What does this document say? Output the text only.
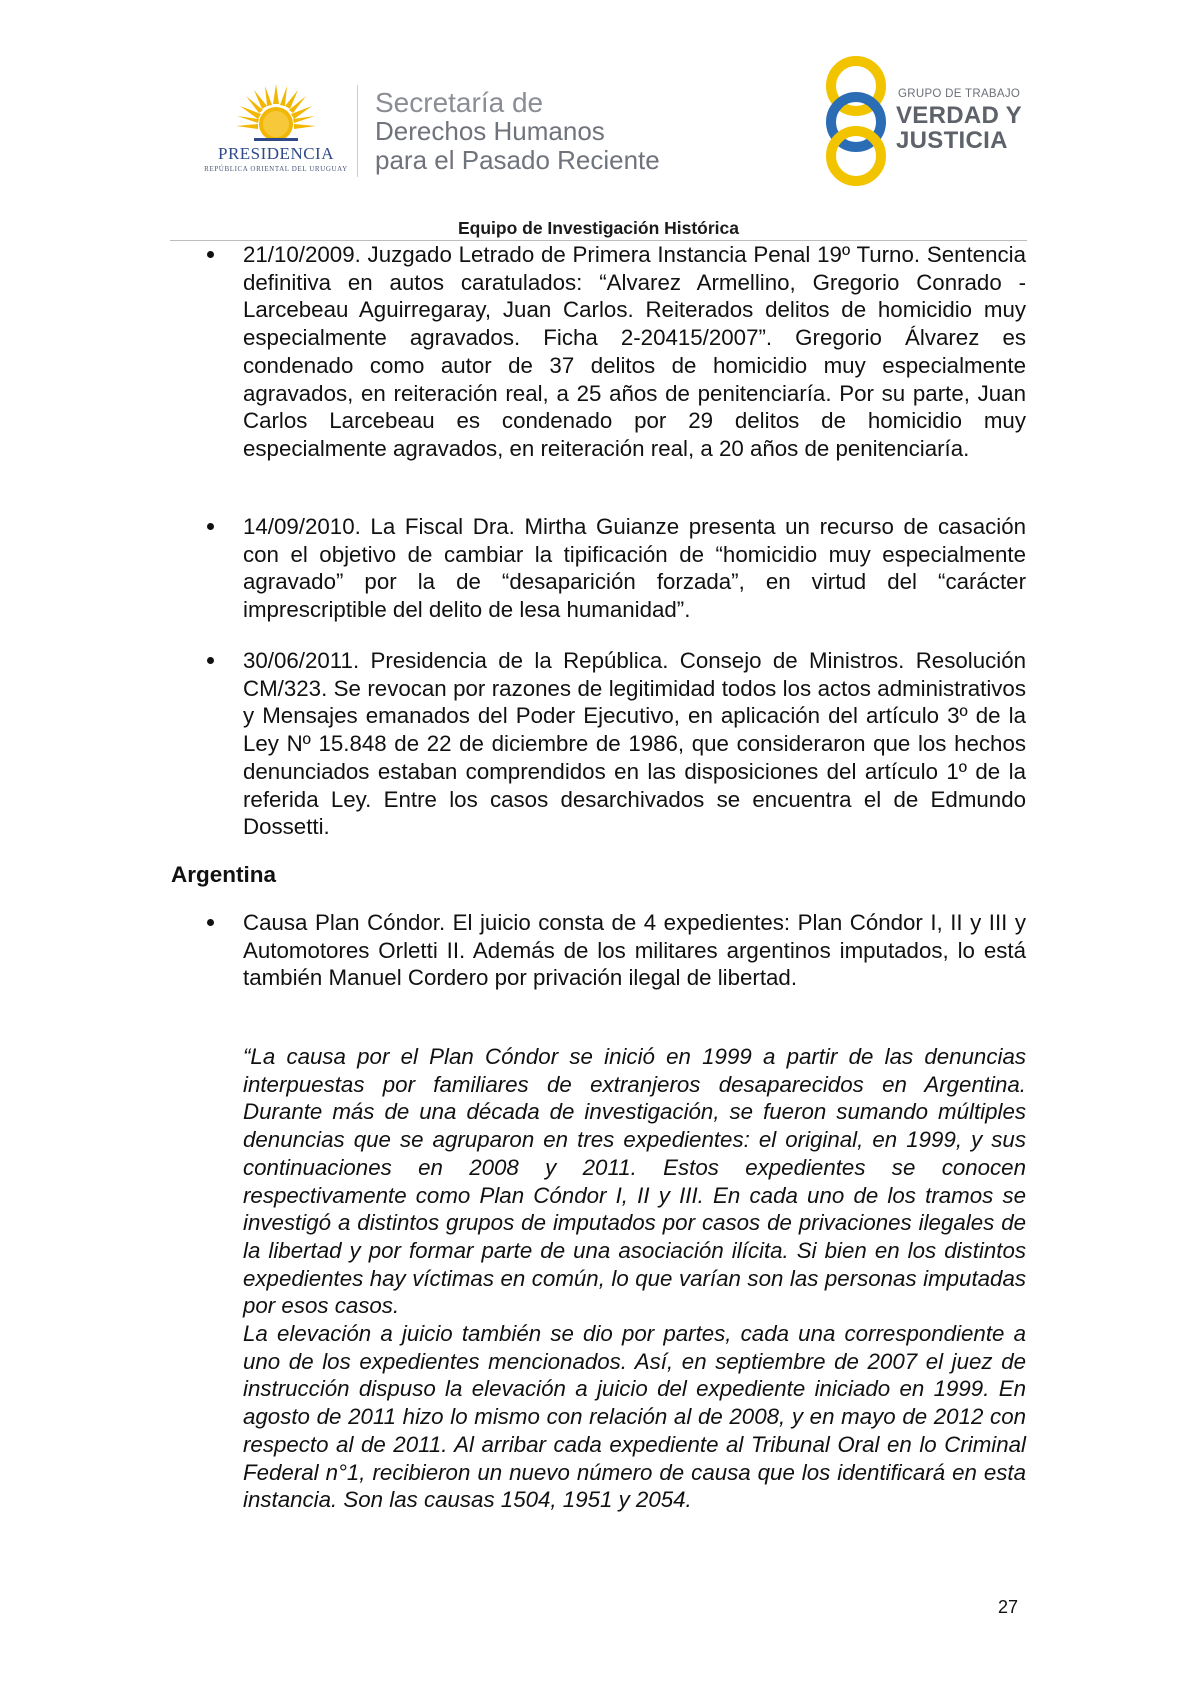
PRESIDENCIA
REPÚBLICA ORIENTAL DEL URUGUAY
Secretaría de
Derechos Humanos
para el Pasado Reciente
GRUPO DE TRABAJO
VERDAD Y
JUSTICIA
Equipo de Investigación Histórica

21/10/2009. Juzgado Letrado de Primera Instancia Penal 19º Turno. Sentencia definitiva en autos caratulados: “Alvarez Armellino, Gregorio Conrado - Larcebeau Aguirregaray, Juan Carlos. Reiterados delitos de homicidio muy especialmente agravados. Ficha 2-20415/2007”. Gregorio Álvarez es condenado como autor de 37 delitos de homicidio muy especialmente agravados, en reiteración real, a 25 años de penitenciaría. Por su parte, Juan Carlos Larcebeau es condenado por 29 delitos de homicidio muy especialmente agravados, en reiteración real, a 20 años de penitenciaría.

14/09/2010. La Fiscal Dra. Mirtha Guianze presenta un recurso de casación con el objetivo de cambiar la tipificación de “homicidio muy especialmente agravado” por la de “desaparición forzada”, en virtud del “carácter imprescriptible del delito de lesa humanidad”.

30/06/2011. Presidencia de la República. Consejo de Ministros. Resolución CM/323. Se revocan por razones de legitimidad todos los actos administrativos y Mensajes emanados del Poder Ejecutivo, en aplicación del artículo 3º de la Ley Nº 15.848 de 22 de diciembre de 1986, que consideraron que los hechos denunciados estaban comprendidos en las disposiciones del artículo 1º de la referida Ley. Entre los casos desarchivados se encuentra el de Edmundo Dossetti.

Argentina

Causa Plan Cóndor. El juicio consta de 4 expedientes: Plan Cóndor I, II y III y Automotores Orletti II. Además de los militares argentinos imputados, lo está también Manuel Cordero por privación ilegal de libertad.

“La causa por el Plan Cóndor se inició en 1999 a partir de las denuncias interpuestas por familiares de extranjeros desaparecidos en Argentina. Durante más de una década de investigación, se fueron sumando múltiples denuncias que se agruparon en tres expedientes: el original, en 1999, y sus continuaciones en 2008 y 2011. Estos expedientes se conocen respectivamente como Plan Cóndor I, II y III. En cada uno de los tramos se investigó a distintos grupos de imputados por casos de privaciones ilegales de la libertad y por formar parte de una asociación ilícita. Si bien en los distintos expedientes hay víctimas en común, lo que varían son las personas imputadas por esos casos.

La elevación a juicio también se dio por partes, cada una correspondiente a uno de los expedientes mencionados. Así, en septiembre de 2007 el juez de instrucción dispuso la elevación a juicio del expediente iniciado en 1999. En agosto de 2011 hizo lo mismo con relación al de 2008, y en mayo de 2012 con respecto al de 2011. Al arribar cada expediente al Tribunal Oral en lo Criminal Federal n°1, recibieron un nuevo número de causa que los identificará en esta instancia. Son las causas 1504, 1951 y 2054.

27
